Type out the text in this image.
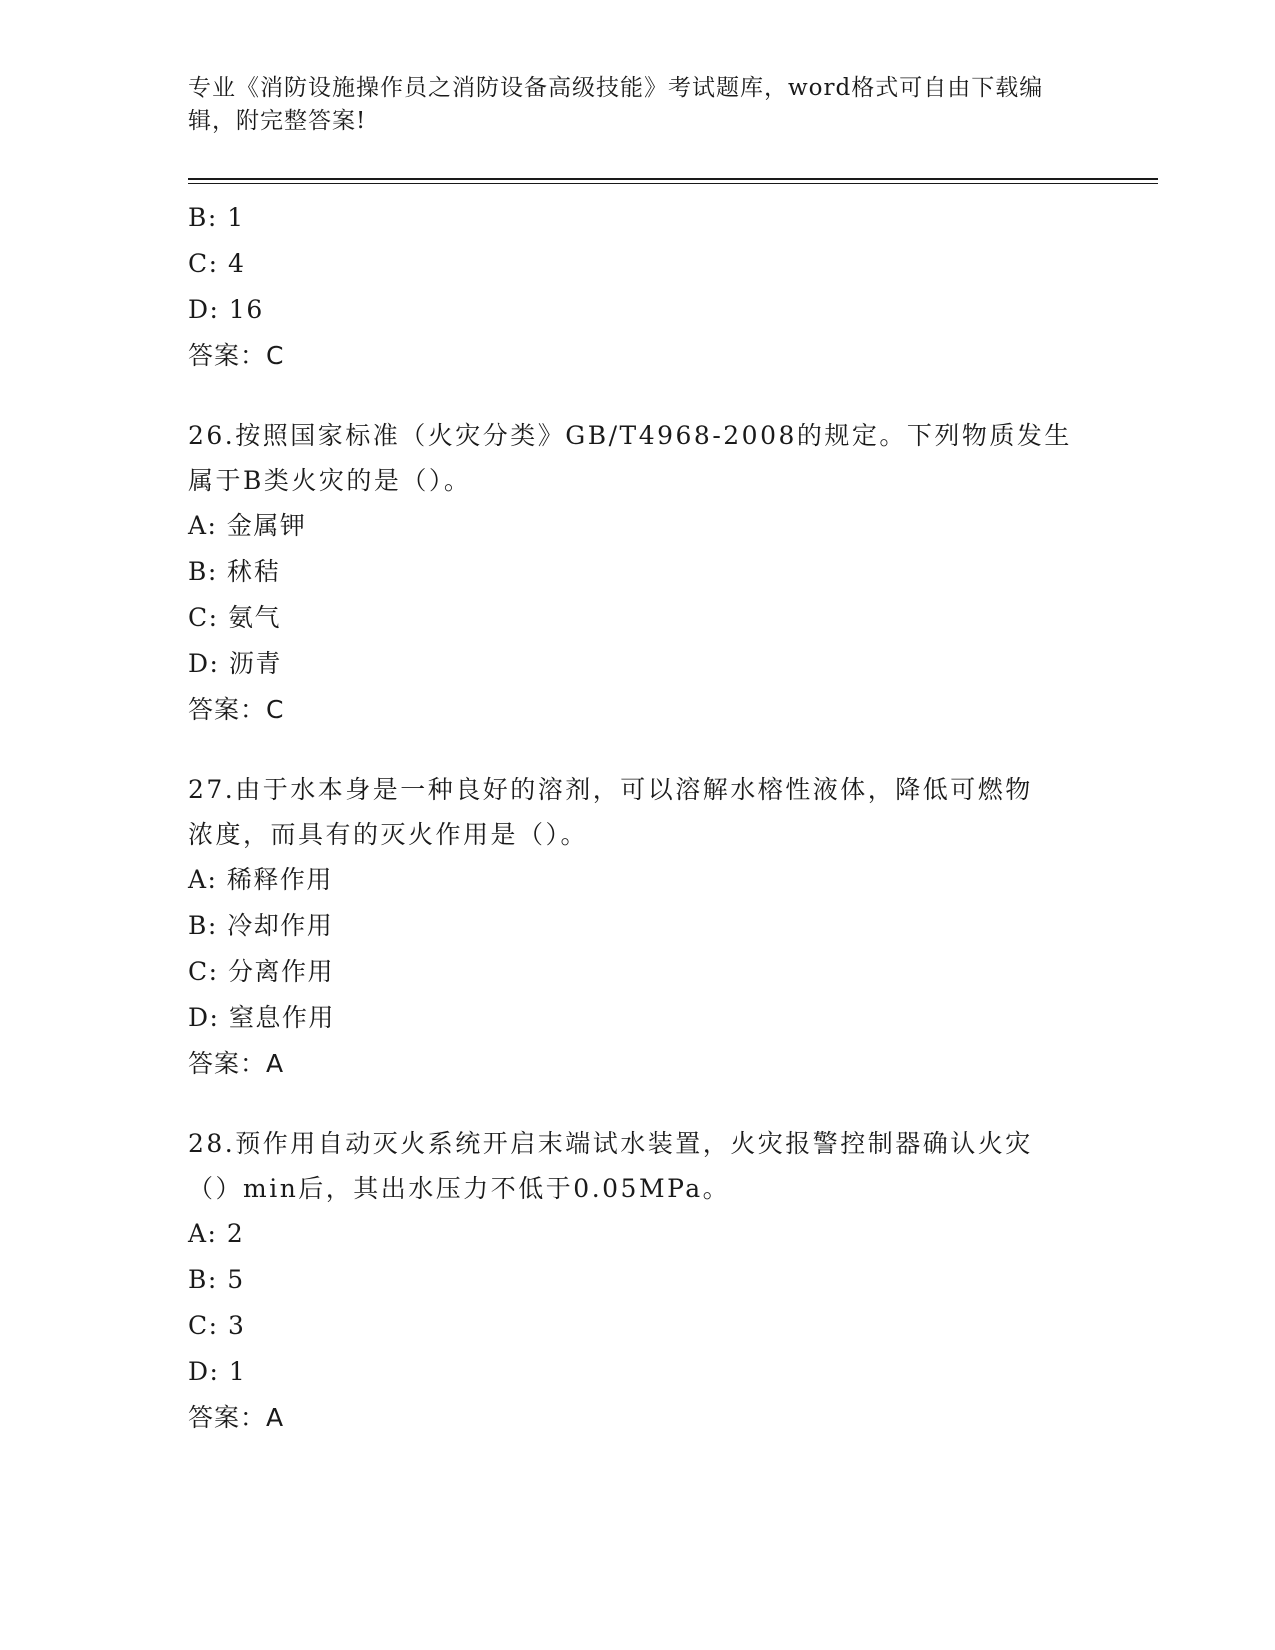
专业《消防设施操作员之消防设备高级技能》考试题库，word格式可自由下载编
辑，附完整答案!
B: 1
C: 4
D: 16
答案：C
26.按照国家标准（火灾分类》GB/T4968-2008的规定。下列物质发生
属于B类火灾的是（）。
A: 金属钾
B: 秫秸
C: 氨气
D: 沥青
答案：C
27.由于水本身是一种良好的溶剂，可以溶解水榕性液体，降低可燃物
浓度，而具有的灭火作用是（）。
A: 稀释作用
B: 冷却作用
C: 分离作用
D: 窒息作用
答案：A
28.预作用自动灭火系统开启末端试水装置，火灾报警控制器确认火灾
（）min后，其出水压力不低于0.05MPa。
A: 2
B: 5
C: 3
D: 1
答案：A
